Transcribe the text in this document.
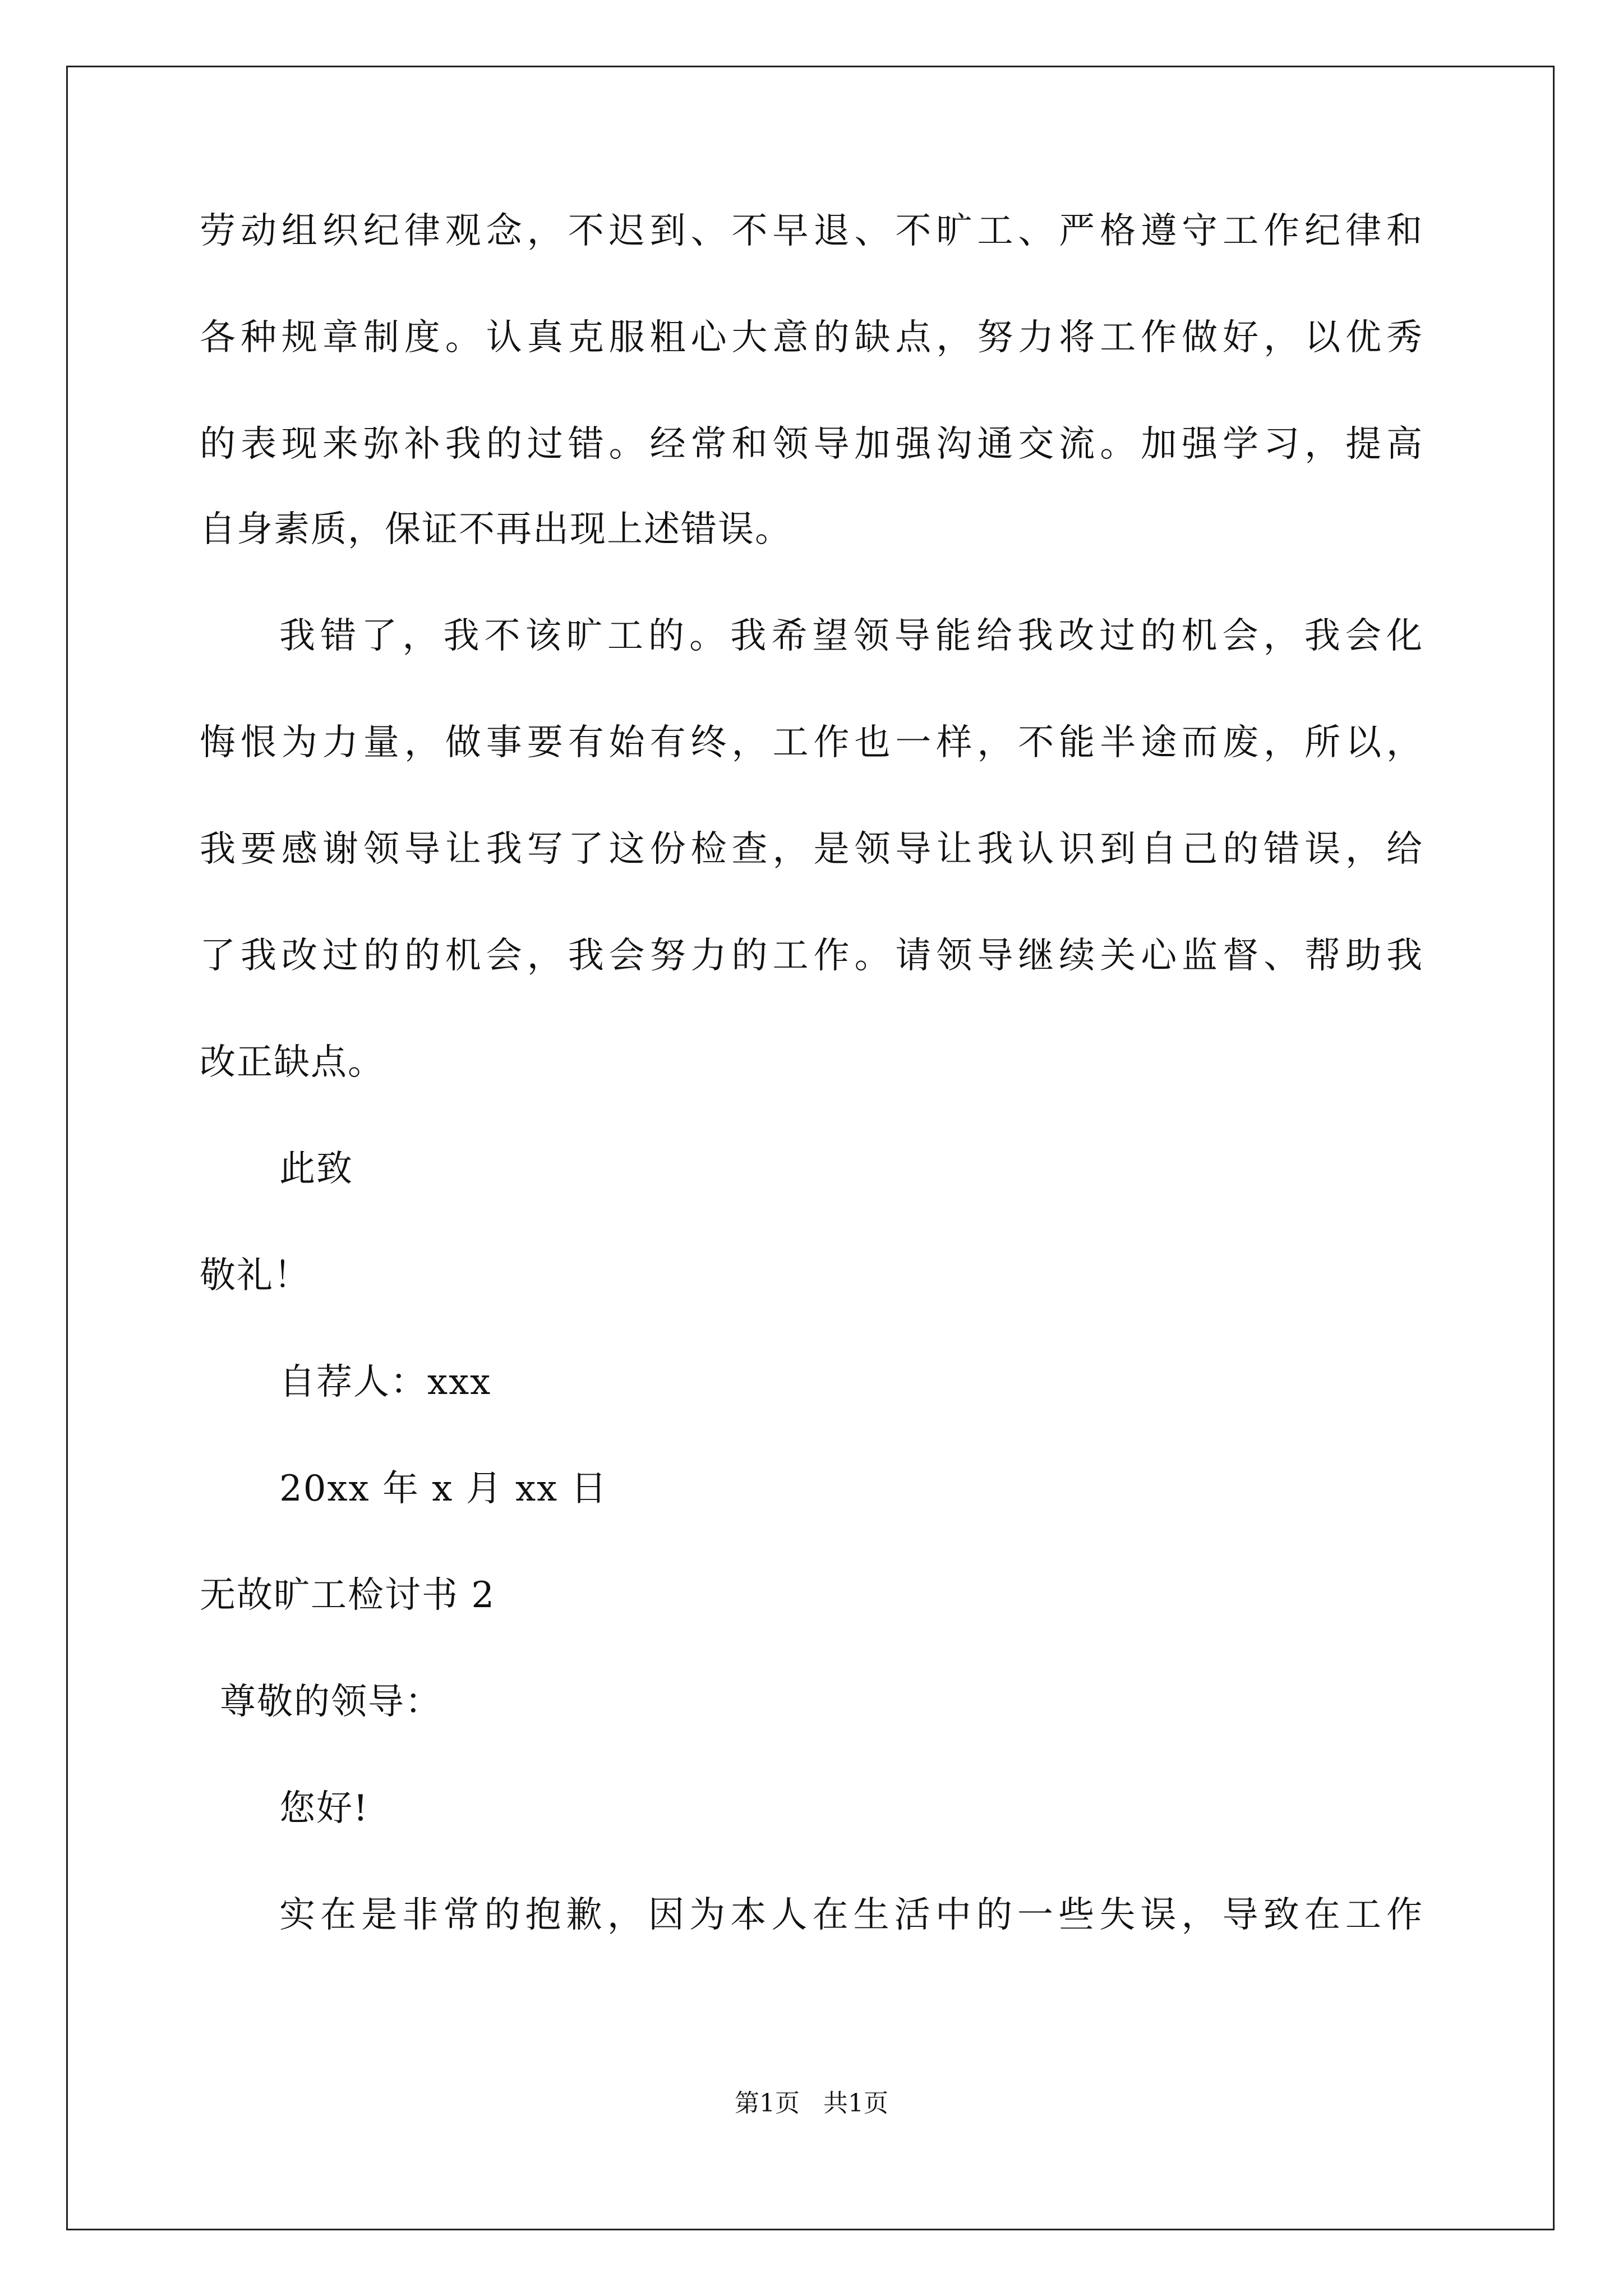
劳动组织纪律观念，不迟到、不早退、不旷工、严格遵守工作纪律和
各种规章制度。认真克服粗心大意的缺点，努力将工作做好，以优秀
的表现来弥补我的过错。经常和领导加强沟通交流。加强学习，提高
自身素质，保证不再出现上述错误。
我错了，我不该旷工的。我希望领导能给我改过的机会，我会化
悔恨为力量，做事要有始有终，工作也一样，不能半途而废，所以，
我要感谢领导让我写了这份检查，是领导让我认识到自己的错误，给
了我改过的的机会，我会努力的工作。请领导继续关心监督、帮助我
改正缺点。
此致
敬礼！
自荐人：xxx
20xx 年 x 月 xx 日
无故旷工检讨书 2
尊敬的领导：
您好!
实在是非常的抱歉，因为本人在生活中的一些失误，导致在工作
第1页   共1页
